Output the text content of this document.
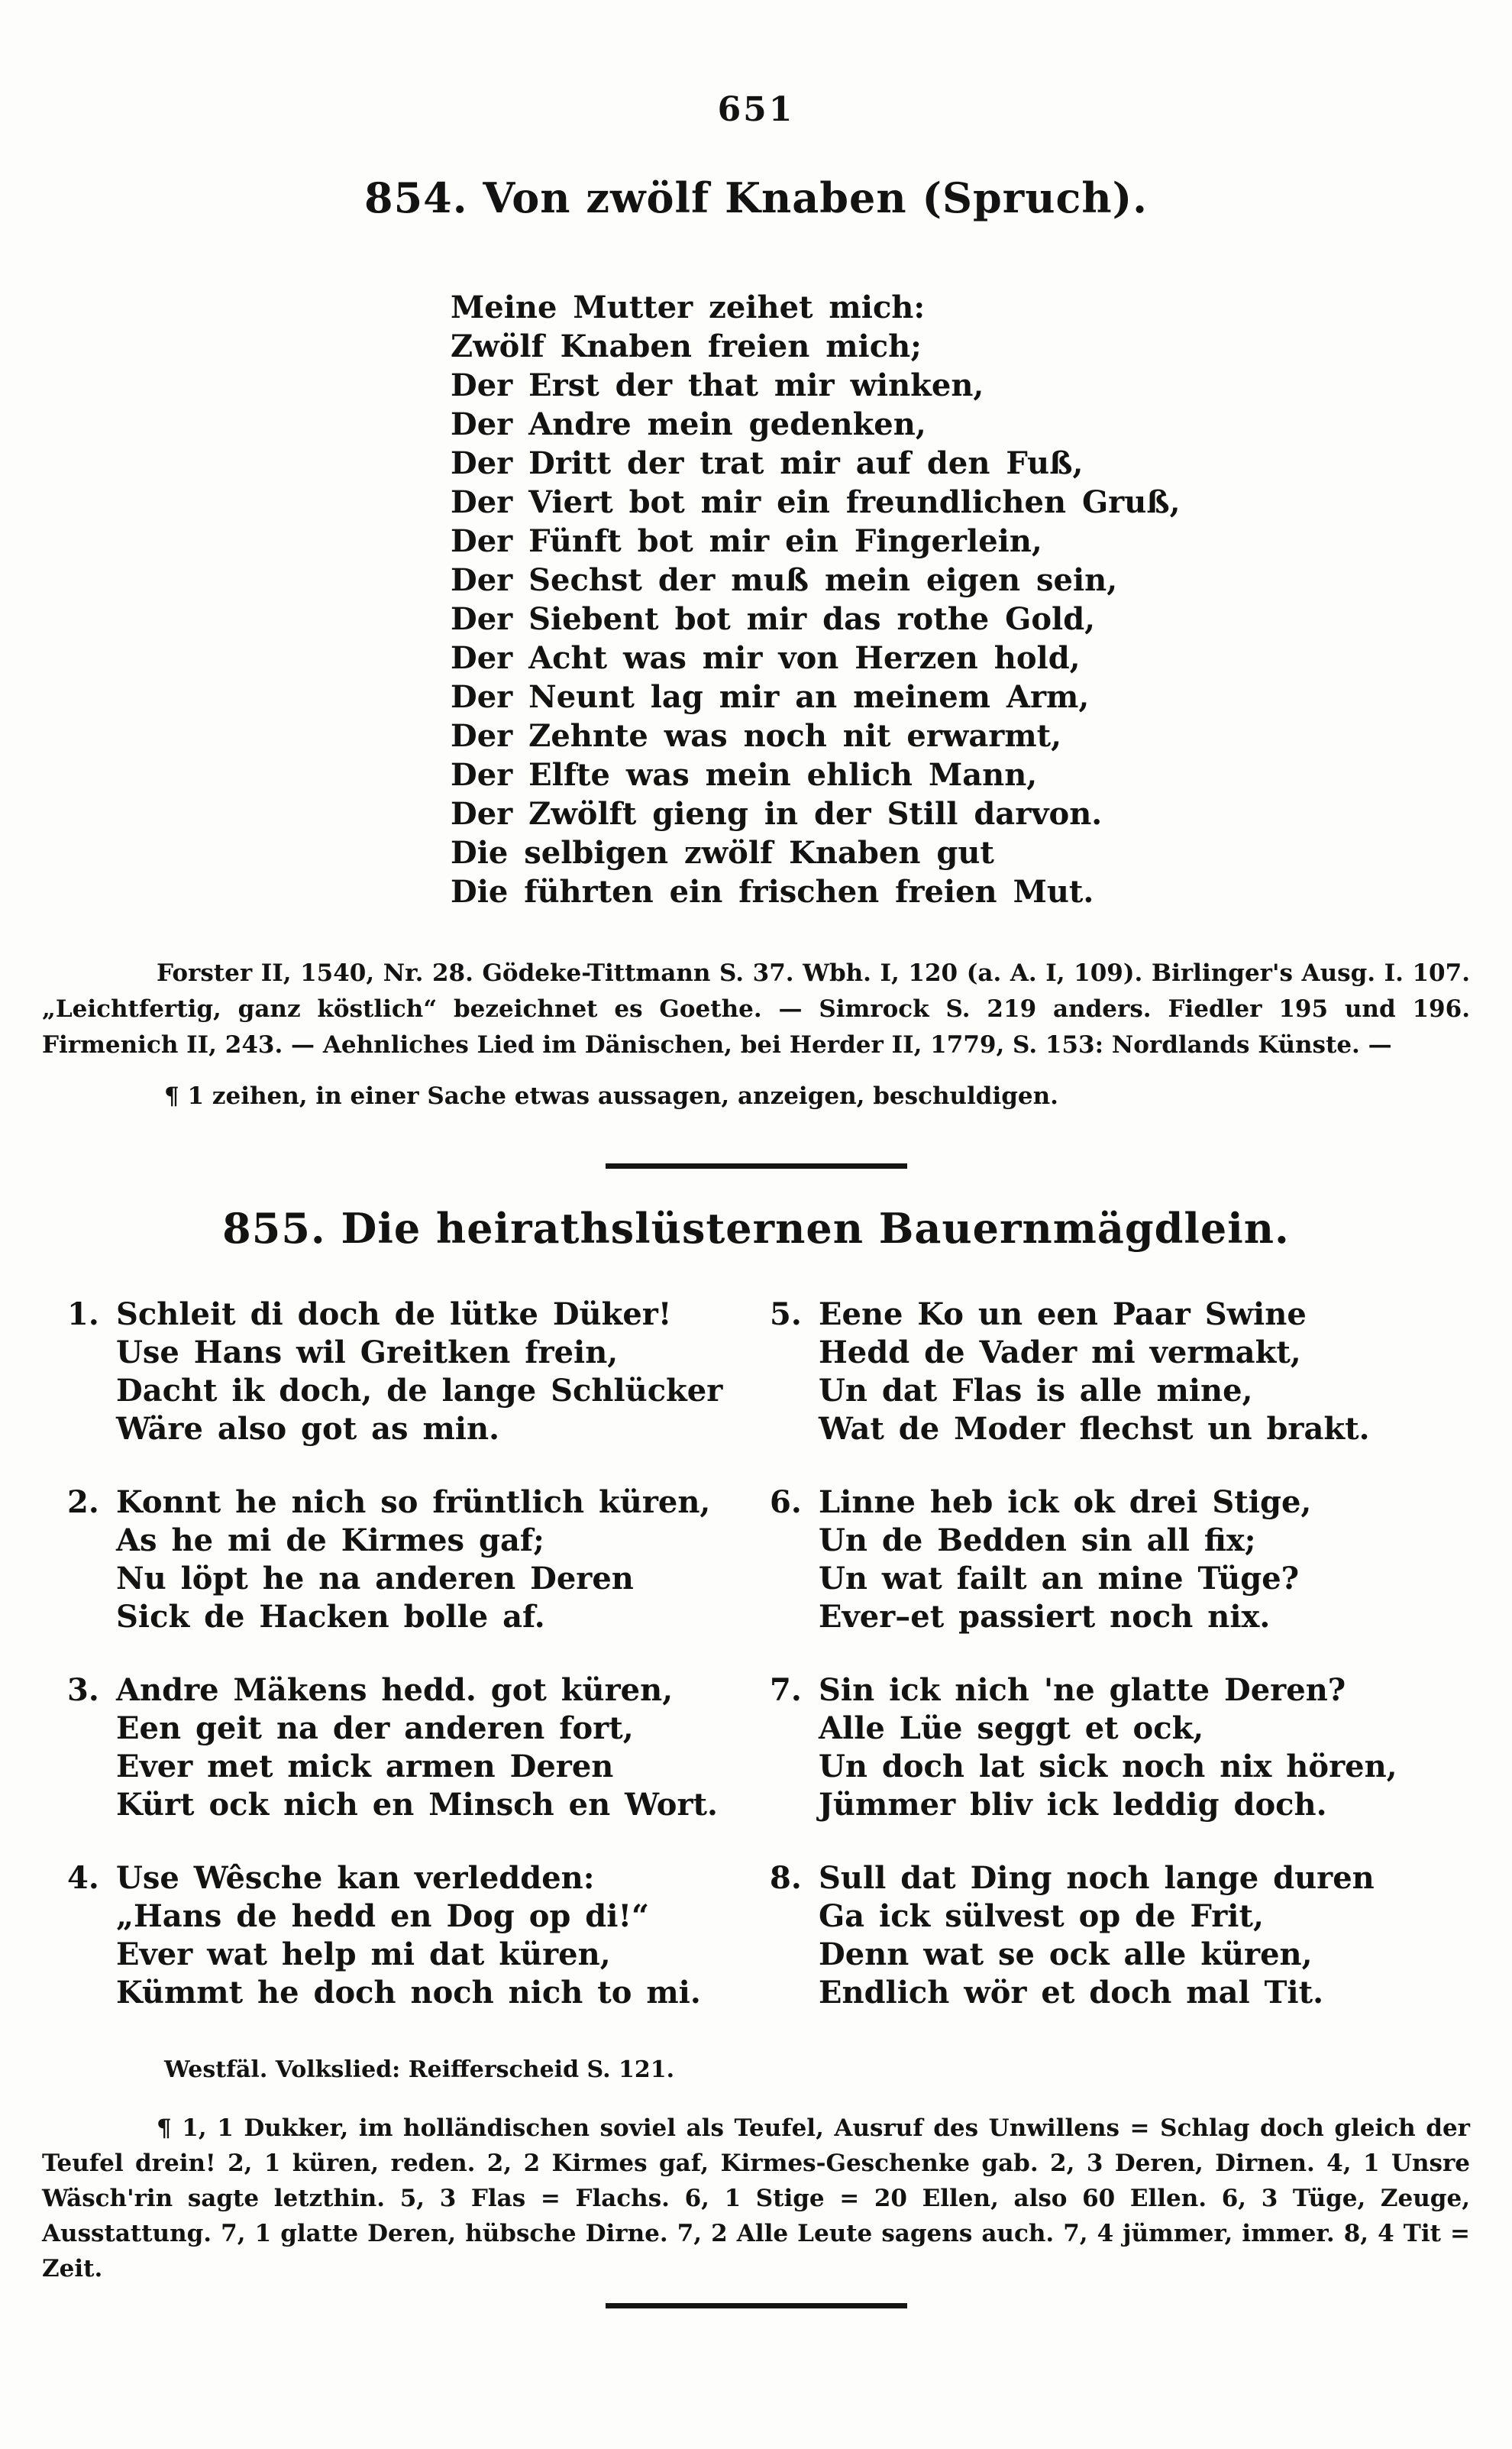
651
854. Von zwölf Knaben (Spruch).
Meine Mutter zeihet mich:
Zwölf Knaben freien mich;
Der Erst der that mir winken,
Der Andre mein gedenken,
Der Dritt der trat mir auf den Fuß,
Der Viert bot mir ein freundlichen Gruß,
Der Fünft bot mir ein Fingerlein,
Der Sechst der muß mein eigen sein,
Der Siebent bot mir das rothe Gold,
Der Acht was mir von Herzen hold,
Der Neunt lag mir an meinem Arm,
Der Zehnte was noch nit erwarmt,
Der Elfte was mein ehlich Mann,
Der Zwölft gieng in der Still darvon.
Die selbigen zwölf Knaben gut
Die führten ein frischen freien Mut.

Forster II, 1540, Nr. 28. Gödeke-Tittmann S. 37. Wbh. I, 120 (a. A. I, 109). Birlinger's Ausg. I. 107. „Leichtfertig, ganz köstlich“ bezeichnet es Goethe. — Simrock S. 219 anders. Fiedler 195 und 196. Firmenich II, 243. — Aehnliches Lied im Dänischen, bei Herder II, 1779, S. 153: Nordlands Künste. —

¶ 1 zeihen, in einer Sache etwas aussagen, anzeigen, beschuldigen.

855. Die heirathslüsternen Bauernmägdlein.
1. Schleit di doch de lütke Düker!
Use Hans wil Greitken frein,
Dacht ik doch, de lange Schlücker
Wäre also got as min.
2. Konnt he nich so früntlich küren,
As he mi de Kirmes gaf;
Nu löpt he na anderen Deren
Sick de Hacken bolle af.
3. Andre Mäkens hedd. got küren,
Een geit na der anderen fort,
Ever met mick armen Deren
Kürt ock nich en Minsch en Wort.
4. Use Wêsche kan verledden:
„Hans de hedd en Dog op di!“
Ever wat help mi dat küren,
Kümmt he doch noch nich to mi.
5. Eene Ko un een Paar Swine
Hedd de Vader mi vermakt,
Un dat Flas is alle mine,
Wat de Moder flechst un brakt.
6. Linne heb ick ok drei Stige,
Un de Bedden sin all fix;
Un wat failt an mine Tüge?
Ever–et passiert noch nix.
7. Sin ick nich 'ne glatte Deren?
Alle Lüe seggt et ock,
Un doch lat sick noch nix hören,
Jümmer bliv ick leddig doch.
8. Sull dat Ding noch lange duren
Ga ick sülvest op de Frit,
Denn wat se ock alle küren,
Endlich wör et doch mal Tit.

Westfäl. Volkslied: Reifferscheid S. 121.

¶ 1, 1 Dukker, im holländischen soviel als Teufel, Ausruf des Unwillens = Schlag doch gleich der Teufel drein! 2, 1 küren, reden. 2, 2 Kirmes gaf, Kirmes-Geschenke gab. 2, 3 Deren, Dirnen. 4, 1 Unsre Wäsch'rin sagte letzthin. 5, 3 Flas = Flachs. 6, 1 Stige = 20 Ellen, also 60 Ellen. 6, 3 Tüge, Zeuge, Ausstattung. 7, 1 glatte Deren, hübsche Dirne. 7, 2 Alle Leute sagens auch. 7, 4 jümmer, immer. 8, 4 Tit = Zeit.
